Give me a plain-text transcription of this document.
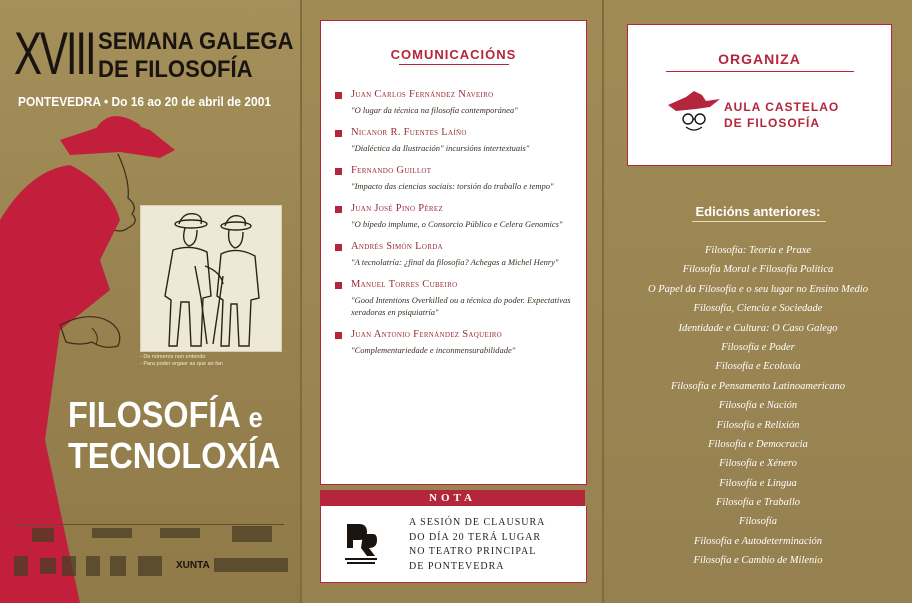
XVIII SEMANA GALEGA
DE FILOSOFÍA
PONTEVEDRA • Do 16 ao 20 de abril de 2001
- De números non entendo
- Para poder ergaer as que ao fan
FILOSOFÍA e
TECNOLOXÍA
XUNTA
COMUNICACIÓNS
Juan Carlos Fernández Naveiro
"O lugar da técnica na filosofía contemporánea"
Nicanor R. Fuentes Laíño
"Dialéctica da Ilustración" incursións intertextuais"
Fernando Guillot
"Impacto das ciencias sociais: torsión do traballo e tempo"
Juan José Pino Pérez
"O bípedo implume, o Consorcio Público e Celera Genomics"
Andrés Simón Lorda
"A tecnolatría: ¿final da filosofía? Achegas a Michel Henry"
Manuel Torres Cubeiro
"Good Intentions Overkilled ou a técnica do poder. Expectativas xeradoras en psiquiatría"
Juan Antonio Fernández Saqueiro
"Complementariedade e inconmensurabilidade"
NOTA
A SESIÓN DE CLAUSURA
DO DÍA 20 TERÁ LUGAR
NO TEATRO PRINCIPAL
DE PONTEVEDRA
ORGANIZA
AULA CASTELAO
DE FILOSOFÍA
Edicións anteriores:
Filosofía: Teoría e Praxe
Filosofía Moral e Filosofía Política
O Papel da Filosofía e o seu lugar no Ensino Medio
Filosofía, Ciencia e Sociedade
Identidade e Cultura: O Caso Galego
Filosofía e Poder
Filosofía e Ecoloxía
Filosofía e Pensamento Latinoamericano
Filosofía e Nación
Filosofía e Relixión
Filosofía e Democracia
Filosofía e Xénero
Filosofía e Lingua
Filosofía e Traballo
Filosofía
Filosofía e Autodeterminación
Filosofía e Cambio de Milenio
